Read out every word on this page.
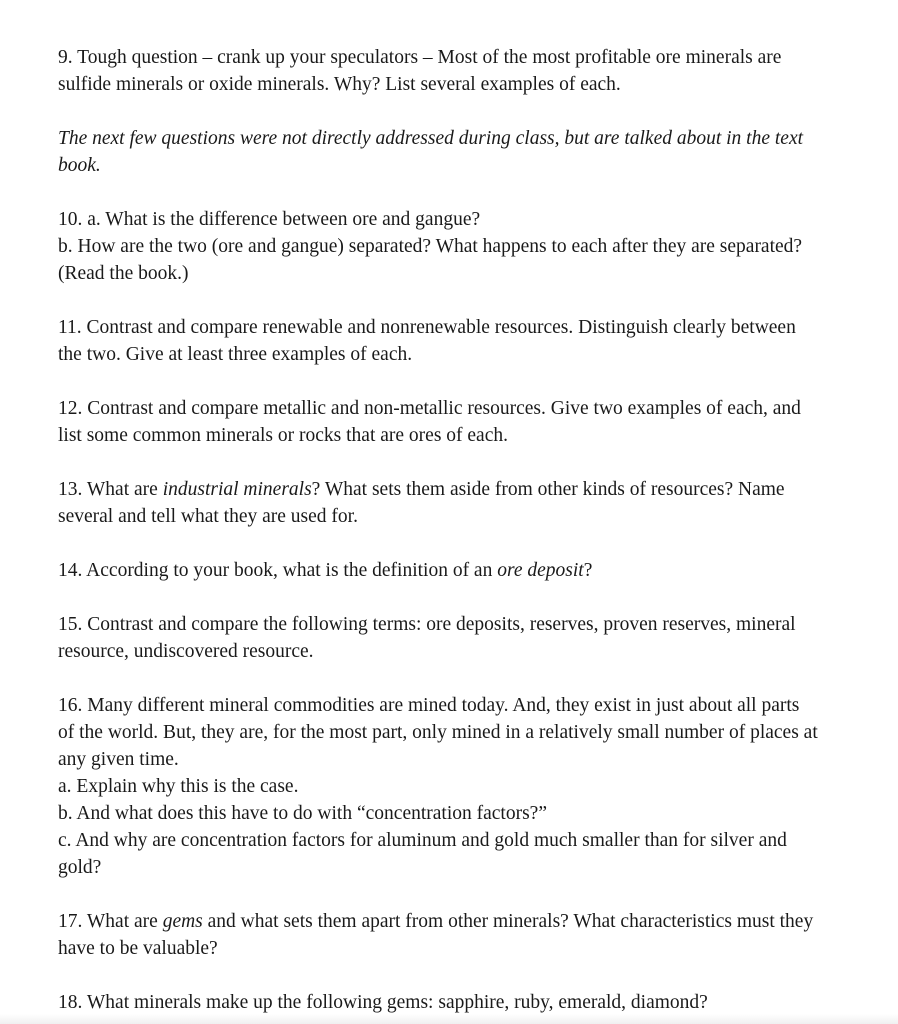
9. Tough question – crank up your speculators – Most of the most profitable ore minerals are
sulfide minerals or oxide minerals. Why? List several examples of each.

The next few questions were not directly addressed during class, but are talked about in the text
book.

10. a. What is the difference between ore and gangue?
b. How are the two (ore and gangue) separated? What happens to each after they are separated?
(Read the book.)

11. Contrast and compare renewable and nonrenewable resources. Distinguish clearly between
the two. Give at least three examples of each.

12. Contrast and compare metallic and non-metallic resources. Give two examples of each, and
list some common minerals or rocks that are ores of each.

13. What are industrial minerals? What sets them aside from other kinds of resources? Name
several and tell what they are used for.

14. According to your book, what is the definition of an ore deposit?

15. Contrast and compare the following terms: ore deposits, reserves, proven reserves, mineral
resource, undiscovered resource.

16. Many different mineral commodities are mined today. And, they exist in just about all parts
of the world. But, they are, for the most part, only mined in a relatively small number of places at
any given time.
a. Explain why this is the case.
b. And what does this have to do with “concentration factors?”
c. And why are concentration factors for aluminum and gold much smaller than for silver and
gold?

17. What are gems and what sets them apart from other minerals? What characteristics must they
have to be valuable?

18. What minerals make up the following gems: sapphire, ruby, emerald, diamond?
